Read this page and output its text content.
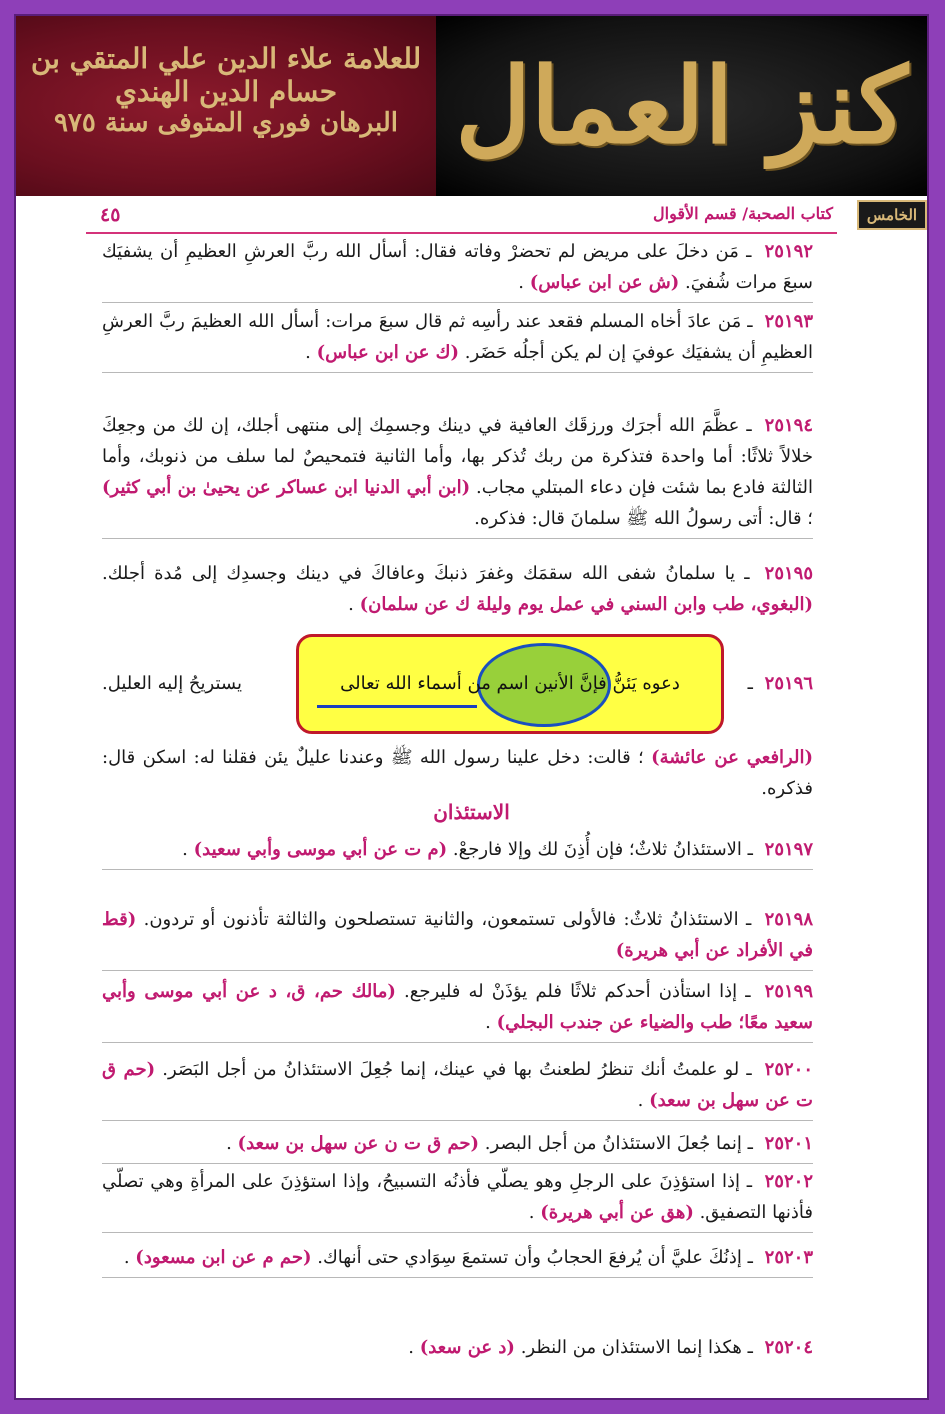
للعلامة علاء الدين علي المتقي بن حسام الدين الهندي
البرهان فوري المتوفى سنة ٩٧٥ كنز العمال
الخامس
٤٥	كتاب الصحبة/ قسم الأقوال
٢٥١٩٢ ـ مَن دخلَ على مريض لم تحضرْ وفاته فقال: أسأل الله ربَّ العرشِ العظيمِ أن يشفيَك سبعَ مرات شُفيَ. (ش عن ابن عباس) .
٢٥١٩٣ ـ مَن عادَ أخاه المسلم فقعد عند رأسِه ثم قال سبعَ مرات: أسأل الله العظيمَ ربَّ العرشِ العظيمِ أن يشفيَك عوفيَ إن لم يكن أجلُه حَضَر. (ك عن ابن عباس) .
٢٥١٩٤ ـ عظَّمَ الله أجرَك ورزقَك العافية في دينك وجسمِك إلى منتهى أجلك، إن لك من وجعِكَ خلالاً ثلاثًا: أما واحدة فتذكرة من ربك تُذكر بها، وأما الثانية فتمحيصٌ لما سلف من ذنوبك، وأما الثالثة فادع بما شئت فإن دعاء المبتلي مجاب. (ابن أبي الدنيا ابن عساكر عن يحيىٰ بن أبي كثير) ؛ قال: أتى رسولُ الله ﷺ سلمانَ قال: فذكره.
٢٥١٩٥ ـ يا سلمانُ شفى الله سقمَك وغفرَ ذنبكَ وعافاكَ في دينك وجسدِك إلى مُدة أجلك. (البغوي، طب وابن السني في عمل يوم وليلة ك عن سلمان) .
٢٥١٩٦ ـ
يستريحُ إليه العليل.	دعوه يَئنُّ فإنَّ الأنين اسم من أسماء الله تعالى
(الرافعي عن عائشة) ؛ قالت: دخل علينا رسول الله ﷺ وعندنا عليلٌ يئن فقلنا له: اسكن قال: فذكره.
الاستئذان
٢٥١٩٧ ـ الاستئذانُ ثلاثٌ؛ فإن أُذِنَ لك وإلا فارجعْ. (م ت عن أبي موسى وأبي سعيد) .
٢٥١٩٨ ـ الاستئذانُ ثلاثٌ: فالأولى تستمعون، والثانية تستصلحون والثالثة تأذنون أو تردون. (قط في الأفراد عن أبي هريرة)
٢٥١٩٩ ـ إذا استأذن أحدكم ثلاثًا فلم يؤذَنْ له فليرجع. (مالك حم، ق، د عن أبي موسى وأبي سعيد معًا؛ طب والضياء عن جندب البجلي) .
٢٥٢٠٠ ـ لو علمتُ أنك تنظرُ لطعنتُ بها في عينك، إنما جُعِلَ الاستئذانُ من أجل البَصَر. (حم ق ت عن سهل بن سعد) .
٢٥٢٠١ ـ إنما جُعلَ الاستئذانُ من أجل البصر. (حم ق ت ن عن سهل بن سعد) .
٢٥٢٠٢ ـ إذا استؤذِنَ على الرجلِ وهو يصلّي فأذنُه التسبيحُ، وإذا استؤذِنَ على المرأةِ وهي تصلّي فأذنها التصفيق. (هق عن أبي هريرة) .
٢٥٢٠٣ ـ إذنُكَ عليَّ أن يُرفعَ الحجابُ وأن تستمعَ سِوَادي حتى أنهاك. (حم م عن ابن مسعود) .
٢٥٢٠٤ ـ هكذا إنما الاستئذان من النظر. (د عن سعد) .
